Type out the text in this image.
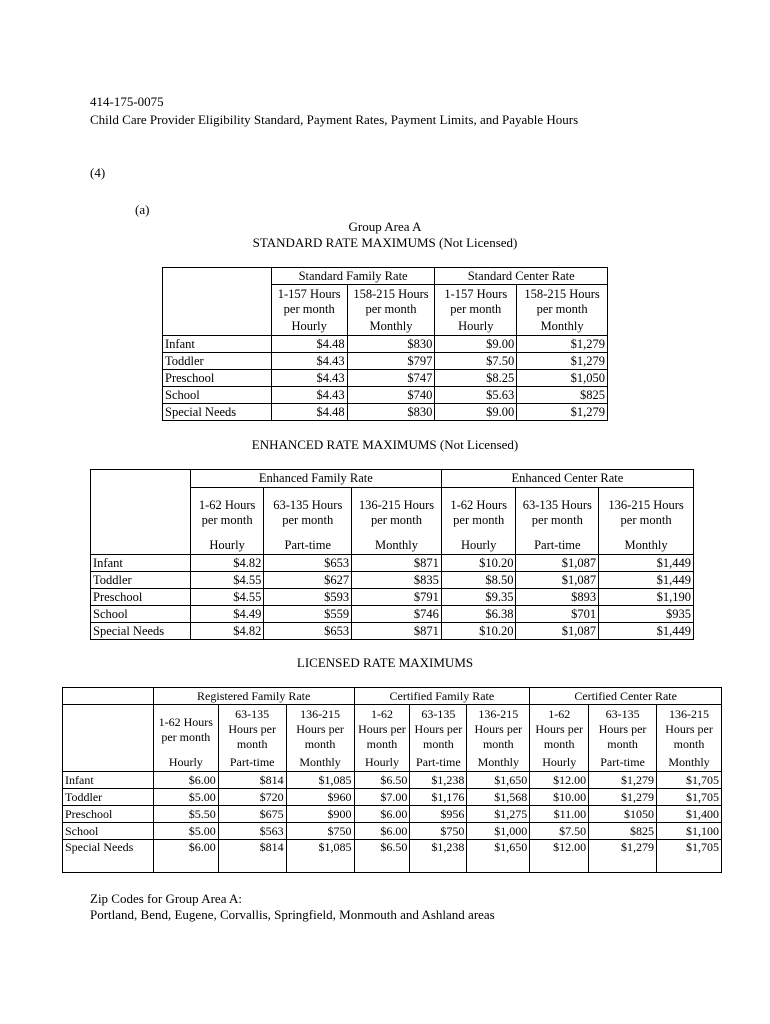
414-175-0075
Child Care Provider Eligibility Standard, Payment Rates, Payment Limits, and Payable Hours
(4)
(a)
Group Area A
STANDARD RATE MAXIMUMS (Not Licensed)
	Standard Family Rate		Standard Center Rate	
	1-157 Hours per month	158-215 Hours per month	1-157 Hours per month	158-215 Hours per month
	Hourly	Monthly	Hourly	Monthly
Infant	$4.48	$830	$9.00	$1,279
Toddler	$4.43	$797	$7.50	$1,279
Preschool	$4.43	$747	$8.25	$1,050
School	$4.43	$740	$5.63	$825
Special Needs	$4.48	$830	$9.00	$1,279
ENHANCED RATE MAXIMUMS (Not Licensed)
	Enhanced Family Rate			Enhanced Center Rate		
	1-62 Hours per month	63-135 Hours per month	136-215 Hours per month	1-62 Hours per month	63-135 Hours per month	136-215 Hours per month
	Hourly	Part-time	Monthly	Hourly	Part-time	Monthly
Infant	$4.82	$653	$871	$10.20	$1,087	$1,449
Toddler	$4.55	$627	$835	$8.50	$1,087	$1,449
Preschool	$4.55	$593	$791	$9.35	$893	$1,190
School	$4.49	$559	$746	$6.38	$701	$935
Special Needs	$4.82	$653	$871	$10.20	$1,087	$1,449
LICENSED RATE MAXIMUMS
	Registered Family Rate			Certified Family Rate			Certified Center Rate		
	1-62 Hours per month	63-135 Hours per month	136-215 Hours per month	1-62 Hours per month	63-135 Hours per month	136-215 Hours per month	1-62 Hours per month	63-135 Hours per month	136-215 Hours per month
	Hourly	Part-time	Monthly	Hourly	Part-time	Monthly	Hourly	Part-time	Monthly
Infant	$6.00	$814	$1,085	$6.50	$1,238	$1,650	$12.00	$1,279	$1,705
Toddler	$5.00	$720	$960	$7.00	$1,176	$1,568	$10.00	$1,279	$1,705
Preschool	$5.50	$675	$900	$6.00	$956	$1,275	$11.00	$1050	$1,400
School	$5.00	$563	$750	$6.00	$750	$1,000	$7.50	$825	$1,100
Special Needs	$6.00	$814	$1,085	$6.50	$1,238	$1,650	$12.00	$1,279	$1,705
Zip Codes for Group Area A:
Portland, Bend, Eugene, Corvallis, Springfield, Monmouth and Ashland areas
